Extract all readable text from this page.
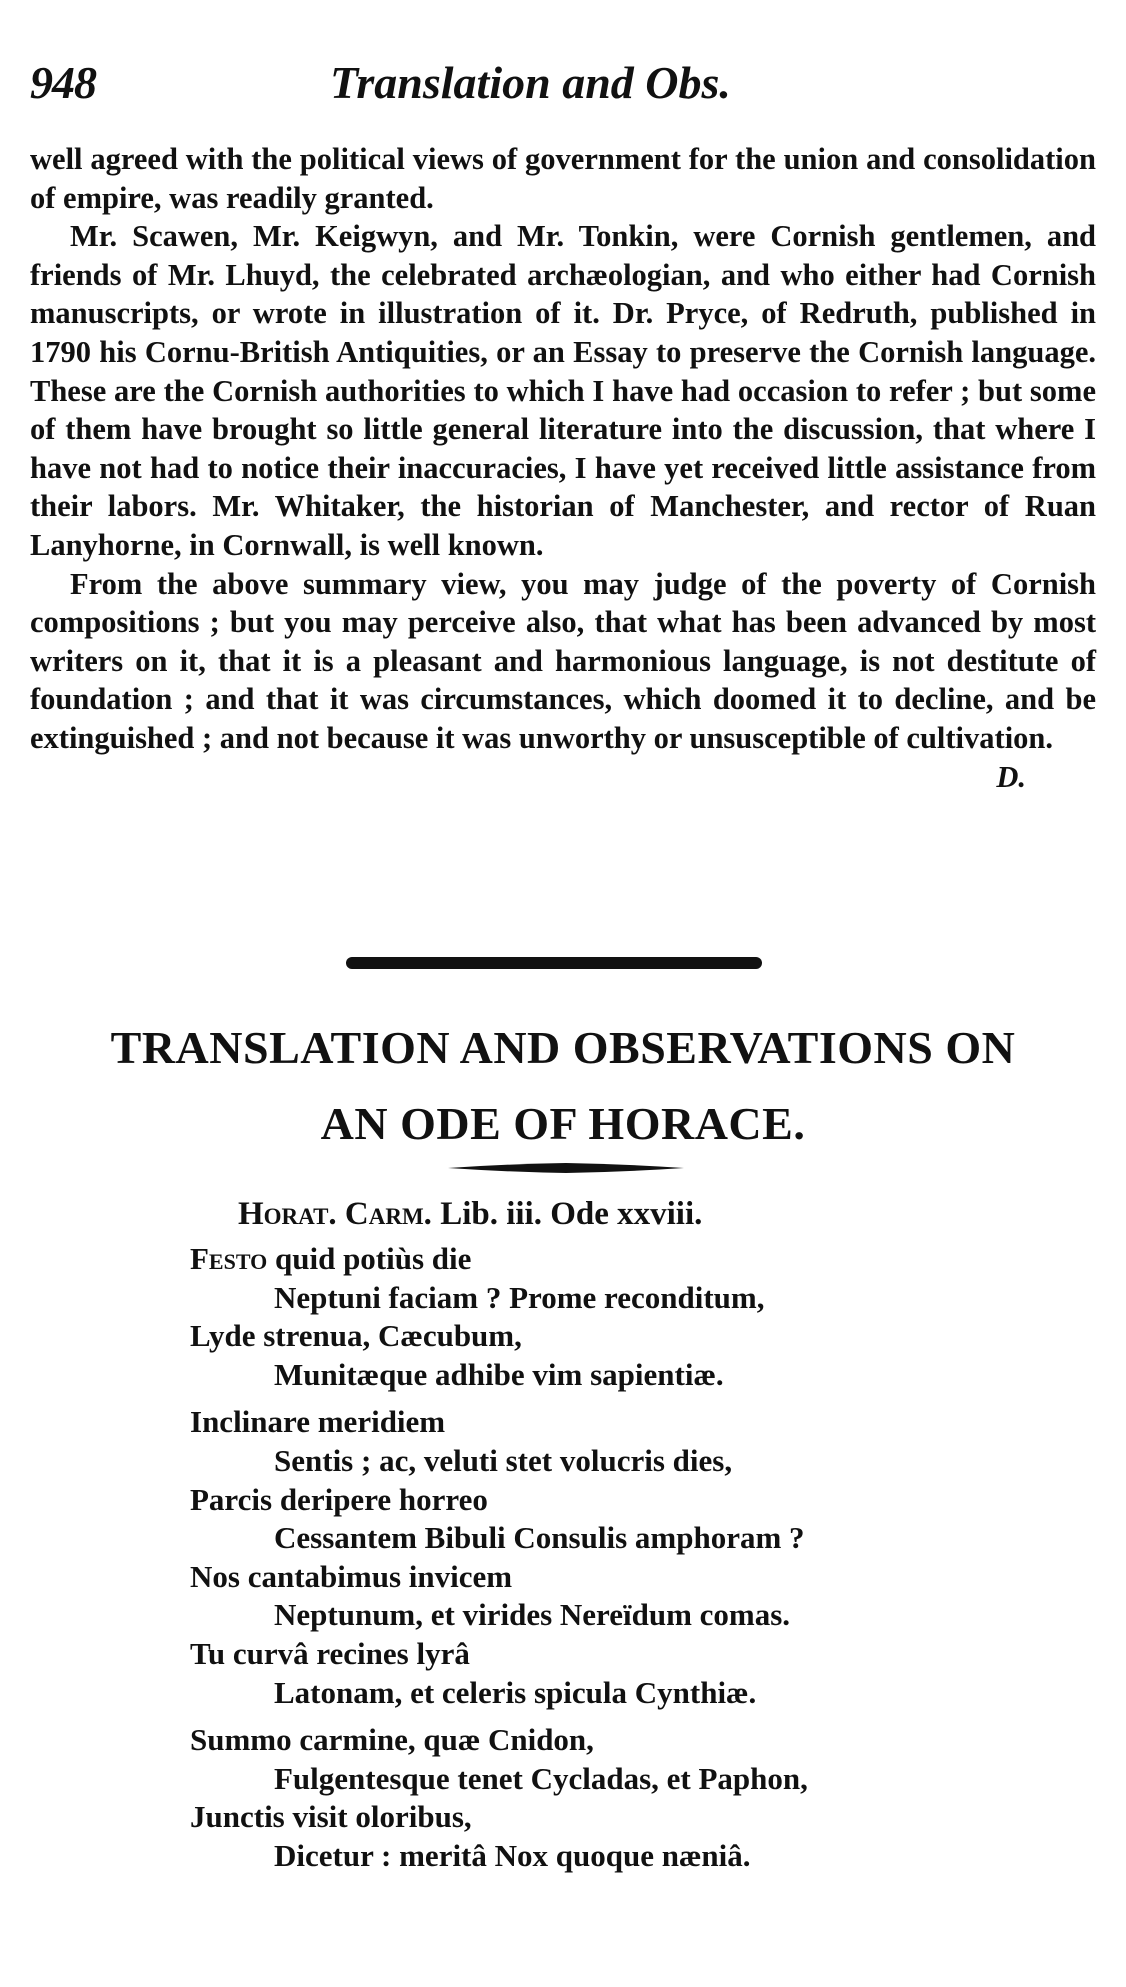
948	Translation and Obs.

well agreed with the political views of government for the union and consolidation of empire, was readily granted.

Mr. Scawen, Mr. Keigwyn, and Mr. Tonkin, were Cornish gentlemen, and friends of Mr. Lhuyd, the celebrated archæologian, and who either had Cornish manuscripts, or wrote in illustration of it. Dr. Pryce, of Redruth, published in 1790 his Cornu-British Antiquities, or an Essay to preserve the Cornish language. These are the Cornish authorities to which I have had occasion to refer ; but some of them have brought so little general literature into the discussion, that where I have not had to notice their inaccuracies, I have yet received little assistance from their labors. Mr. Whitaker, the historian of Manchester, and rector of Ruan Lanyhorne, in Cornwall, is well known.

From the above summary view, you may judge of the poverty of Cornish compositions ; but you may perceive also, that what has been advanced by most writers on it, that it is a pleasant and harmonious language, is not destitute of foundation ; and that it was circumstances, which doomed it to decline, and be extinguished ; and not because it was unworthy or unsusceptible of cultivation.
D.

TRANSLATION AND OBSERVATIONS ON
AN ODE OF HORACE.
Horat. Carm. Lib. iii. Ode xxviii.
Festo quid potiùs die
Neptuni faciam ? Prome reconditum,
Lyde strenua, Cæcubum,
Munitæque adhibe vim sapientiæ.
Inclinare meridiem
Sentis ; ac, veluti stet volucris dies,
Parcis deripere horreo
Cessantem Bibuli Consulis amphoram ?
Nos cantabimus invicem
Neptunum, et virides Nereïdum comas.
Tu curvâ recines lyrâ
Latonam, et celeris spicula Cynthiæ.
Summo carmine, quæ Cnidon,
Fulgentesque tenet Cycladas, et Paphon,
Junctis visit oloribus,
Dicetur : meritâ Nox quoque næniâ.
